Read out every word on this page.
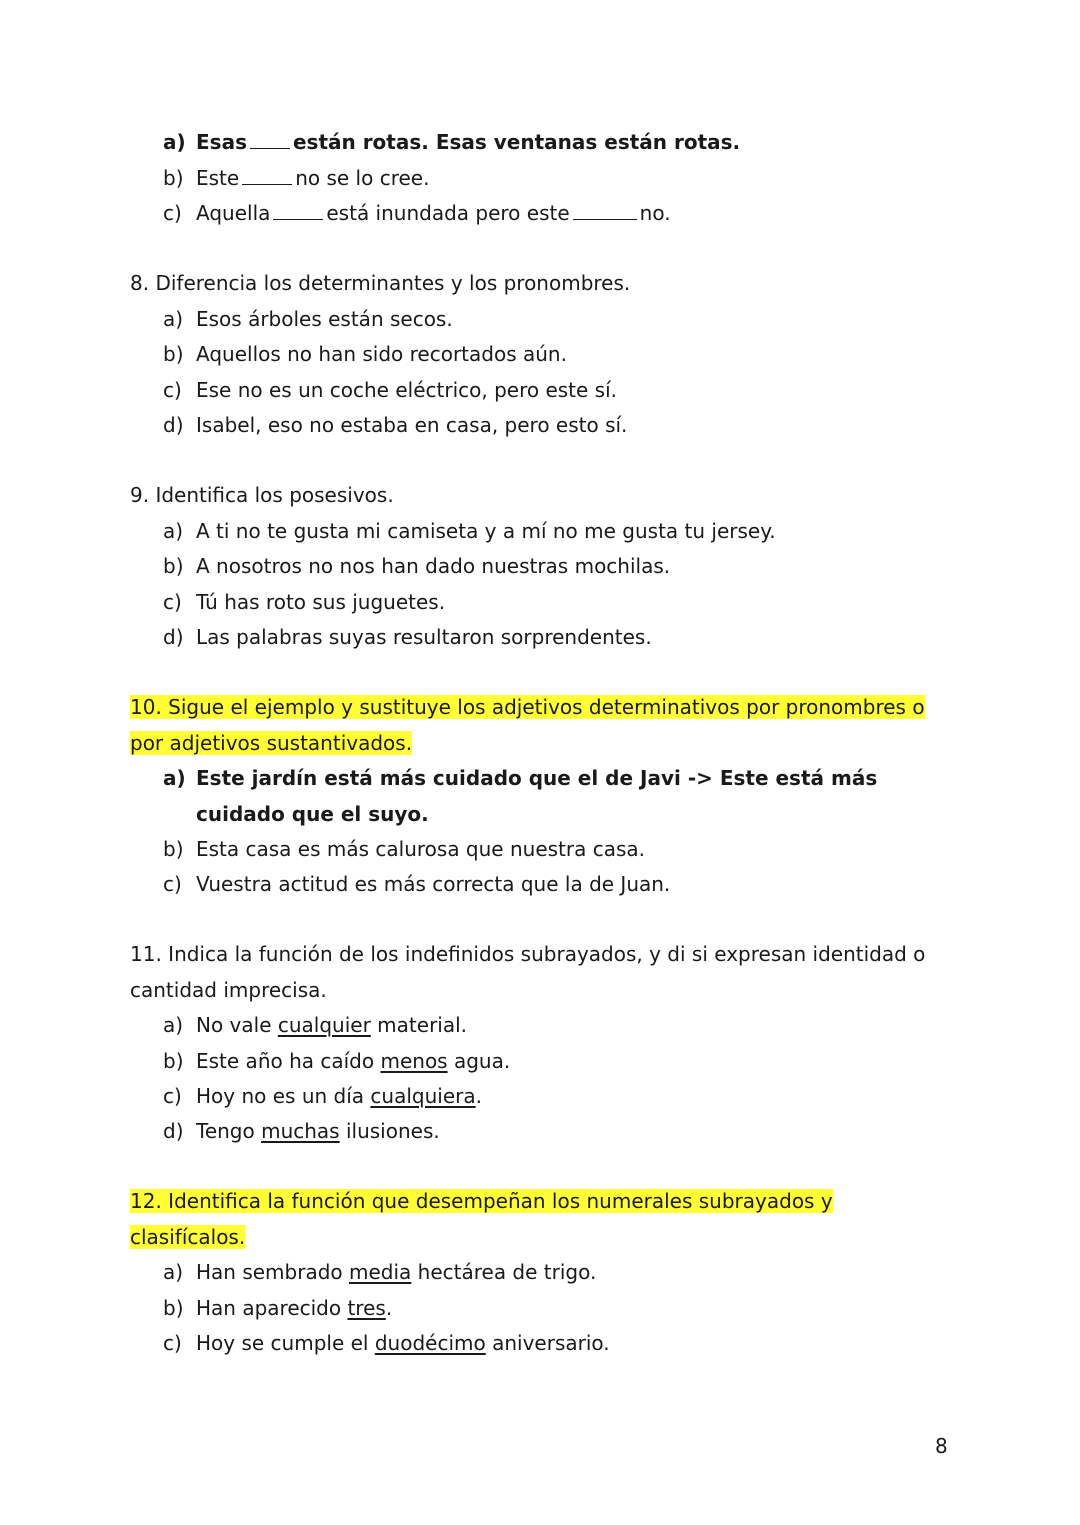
a) Esas están rotas. Esas ventanas están rotas.
b) Este	no se lo cree.
c) Aquella	está inundada pero este	no.
8. Diferencia los determinantes y los pronombres.
a) Esos árboles están secos.
b) Aquellos no han sido recortados aún.
c) Ese no es un coche eléctrico, pero este sí.
d) Isabel, eso no estaba en casa, pero esto sí.
9. Identifica los posesivos.
a) A ti no te gusta mi camiseta y a mí no me gusta tu jersey.
b) A nosotros no nos han dado nuestras mochilas.
c) Tú has roto sus juguetes.
d) Las palabras suyas resultaron sorprendentes.
10. Sigue el ejemplo y sustituye los adjetivos determinativos por pronombres o
por adjetivos sustantivados.
a) Este jardín está más cuidado que el de Javi -> Este está más
cuidado que el suyo.
b) Esta casa es más calurosa que nuestra casa.
c) Vuestra actitud es más correcta que la de Juan.
11. Indica la función de los indefinidos subrayados, y di si expresan identidad o
cantidad imprecisa.
a) No vale cualquier material.
b) Este año ha caído menos agua.
c) Hoy no es un día cualquiera.
d) Tengo muchas ilusiones.
12. Identifica la función que desempeñan los numerales subrayados y
clasifícalos.
a) Han sembrado media hectárea de trigo.
b) Han aparecido tres.
c) Hoy se cumple el duodécimo aniversario.
8
